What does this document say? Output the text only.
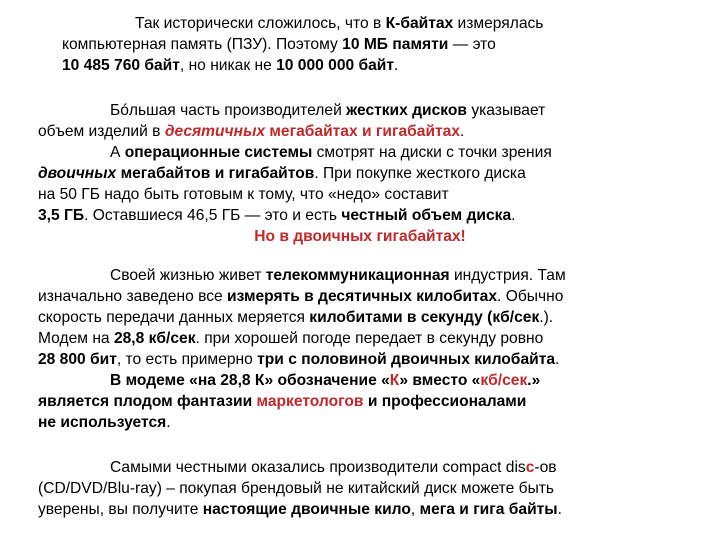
Так исторически сложилось, что в К-байтах измерялась
компьютерная память (ПЗУ). Поэтому 10 МБ памяти — это
10 485 760 байт, но никак не 10 000 000 байт.
Бóльшая часть производителей жестких дисков указывает
объем изделий в десятичных мегабайтах и гигабайтах.
А операционные системы смотрят на диски с точки зрения
двоичных мегабайтов и гигабайтов. При покупке жесткого диска
на 50 ГБ надо быть готовым к тому, что «недо» составит
3,5 ГБ. Оставшиеся 46,5 ГБ — это и есть честный объем диска.
Но в двоичных гигабайтах!
Своей жизнью живет телекоммуникационная индустрия. Там
изначально заведено все измерять в десятичных килобитах. Обычно
скорость передачи данных меряется килобитами в секунду (кб/сек.).
Модем на 28,8 кб/сек. при хорошей погоде передает в секунду ровно
28 800 бит, то есть примерно три с половиной двоичных килобайта.
В модеме «на 28,8 К» обозначение «К» вместо «кб/сек.»
является плодом фантазии маркетологов и профессионалами
не используется.
Самыми честными оказались производители compact disc-ов
(CD/DVD/Blu-ray) – покупая брендовый не китайский диск можете быть
уверены, вы получите настоящие двоичные кило, мега и гига байты.
